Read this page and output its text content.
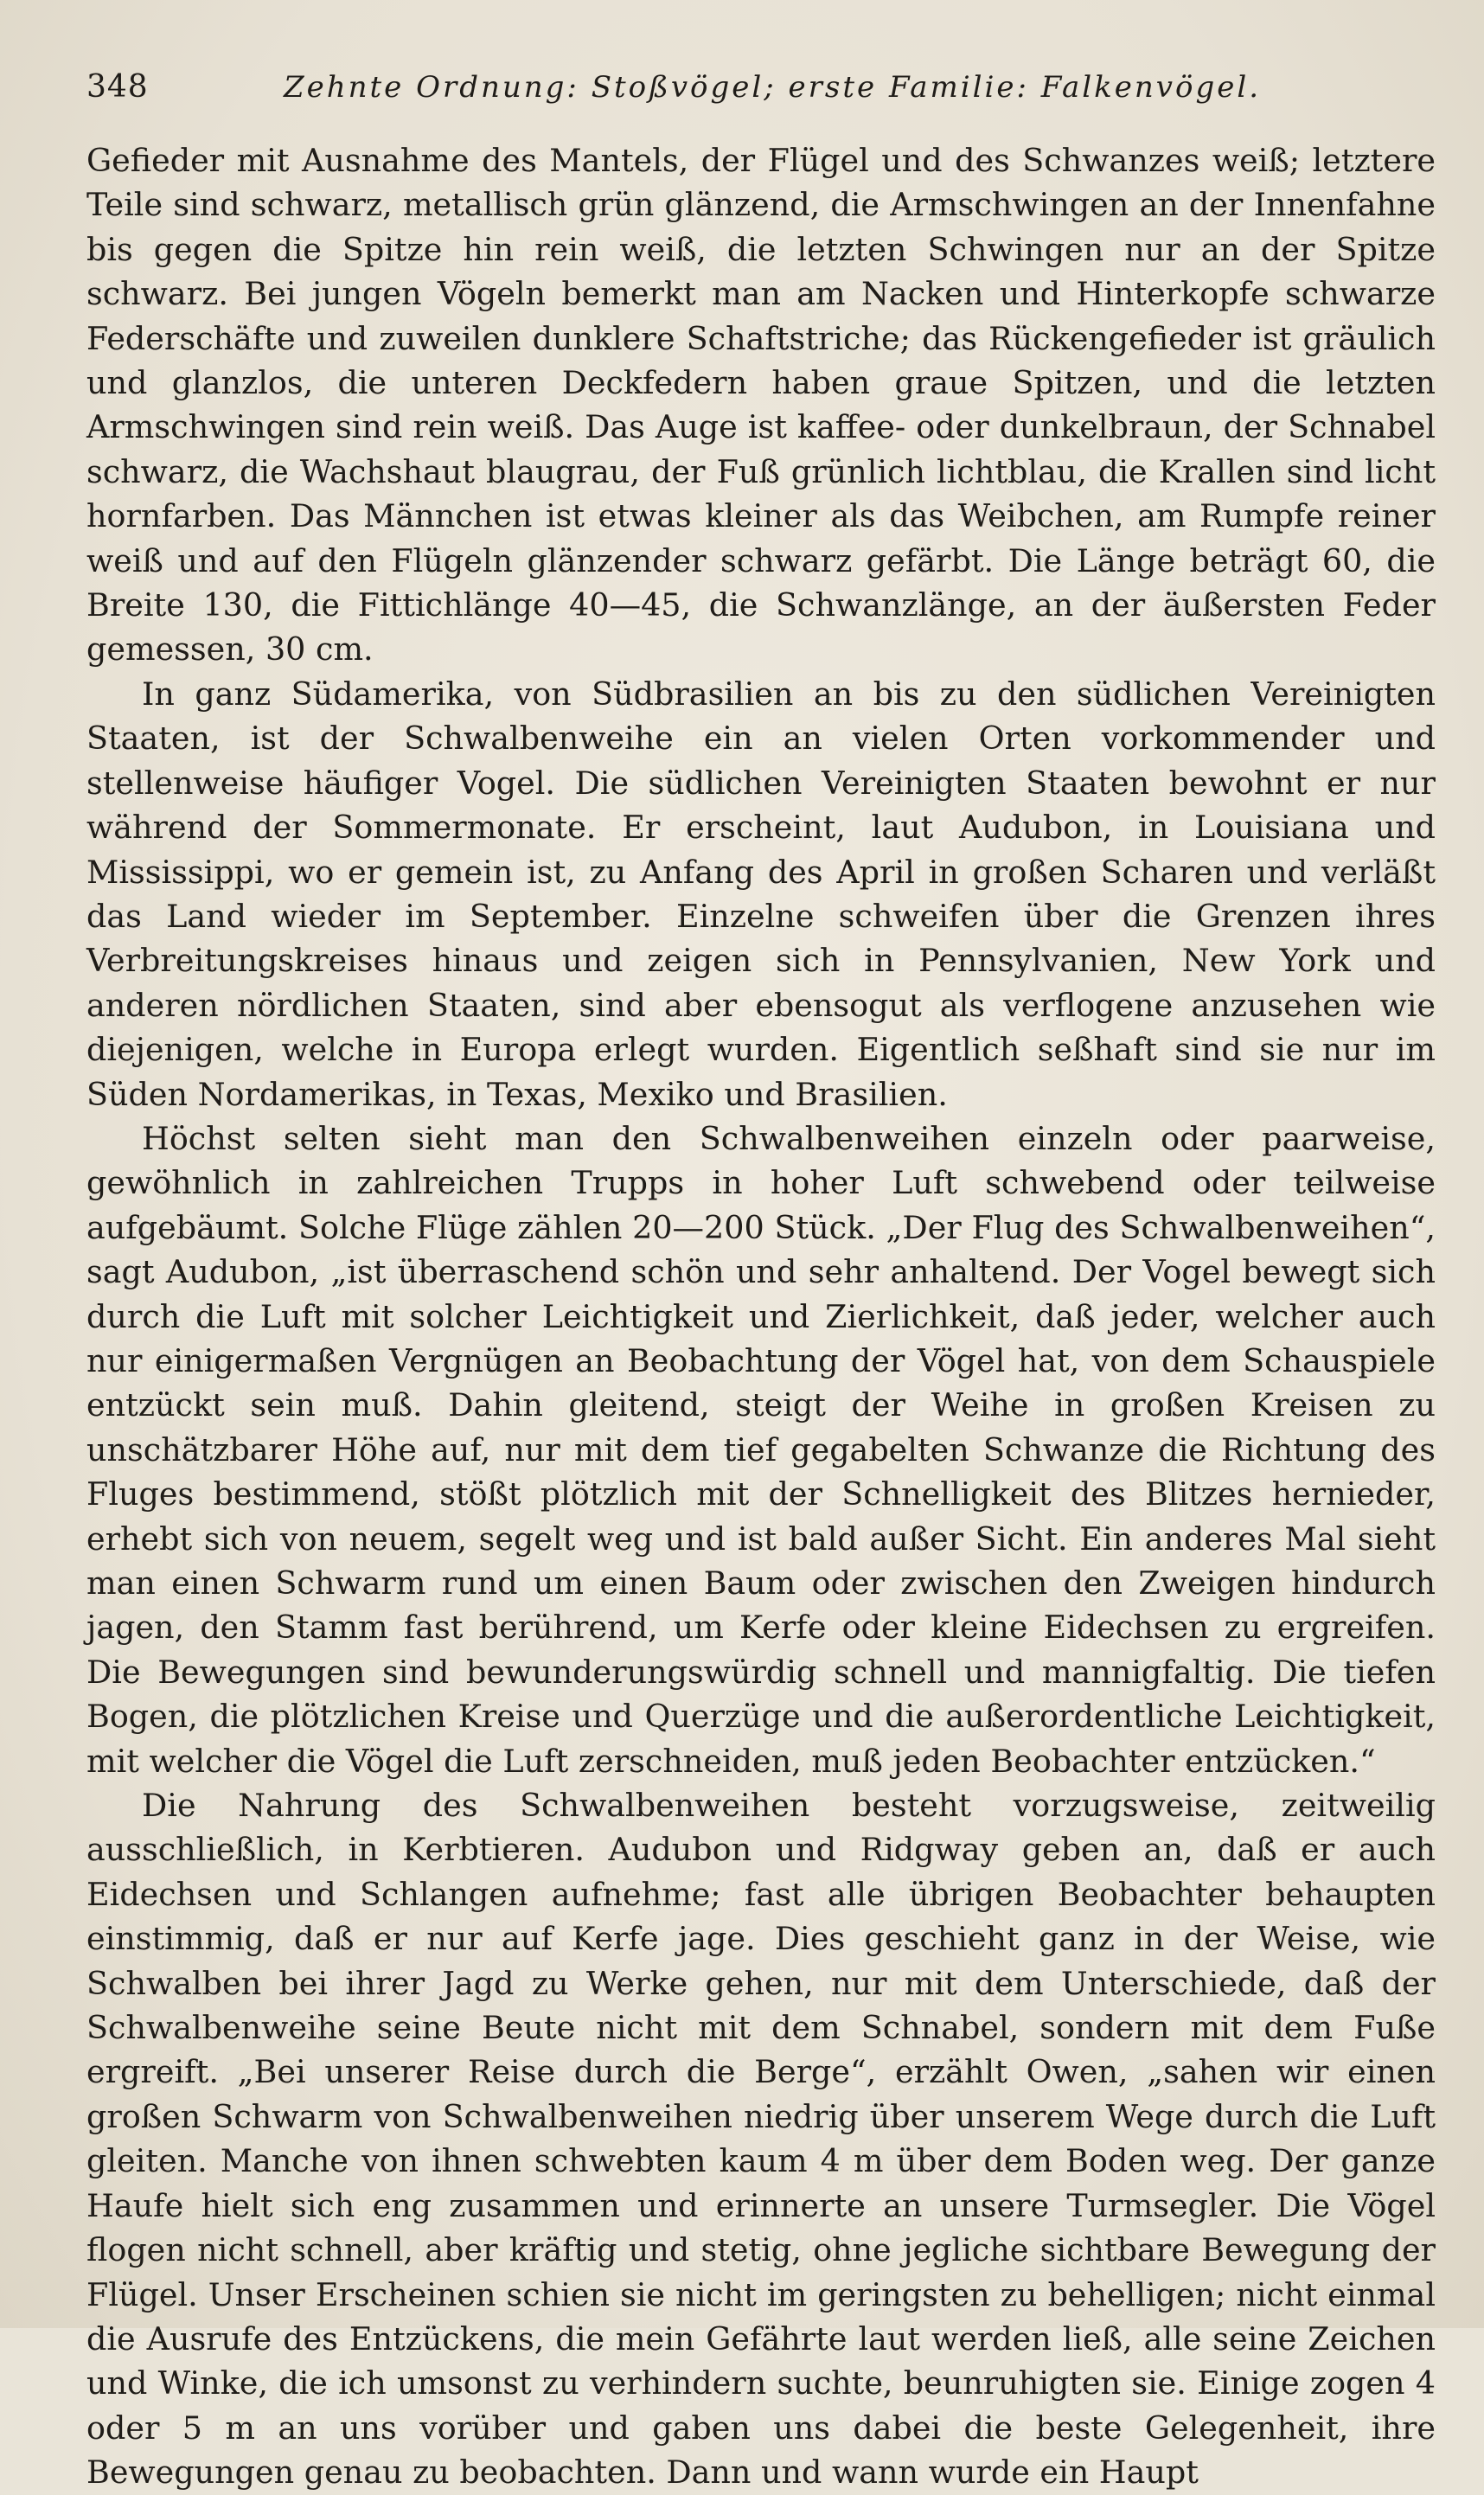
348	Zehnte Ordnung: Stoßvögel; erste Familie: Falkenvögel.

Gefieder mit Ausnahme des Mantels, der Flügel und des Schwanzes weiß; letztere Teile sind schwarz, metallisch grün glänzend, die Armschwingen an der Innenfahne bis gegen die Spitze hin rein weiß, die letzten Schwingen nur an der Spitze schwarz. Bei jungen Vögeln bemerkt man am Nacken und Hinterkopfe schwarze Federschäfte und zuweilen dunklere Schaftstriche; das Rückengefieder ist gräulich und glanzlos, die unteren Deckfedern haben graue Spitzen, und die letzten Armschwingen sind rein weiß. Das Auge ist kaffee- oder dunkelbraun, der Schnabel schwarz, die Wachshaut blaugrau, der Fuß grünlich lichtblau, die Krallen sind licht hornfarben. Das Männchen ist etwas kleiner als das Weibchen, am Rumpfe reiner weiß und auf den Flügeln glänzender schwarz gefärbt. Die Länge beträgt 60, die Breite 130, die Fittichlänge 40—45, die Schwanzlänge, an der äußersten Feder gemessen, 30 cm.

In ganz Südamerika, von Südbrasilien an bis zu den südlichen Vereinigten Staaten, ist der Schwalbenweihe ein an vielen Orten vorkommender und stellenweise häufiger Vogel. Die südlichen Vereinigten Staaten bewohnt er nur während der Sommermonate. Er erscheint, laut Audubon, in Louisiana und Mississippi, wo er gemein ist, zu Anfang des April in großen Scharen und verläßt das Land wieder im September. Einzelne schweifen über die Grenzen ihres Verbreitungskreises hinaus und zeigen sich in Pennsylvanien, New York und anderen nördlichen Staaten, sind aber ebensogut als verflogene anzusehen wie diejenigen, welche in Europa erlegt wurden. Eigentlich seßhaft sind sie nur im Süden Nordamerikas, in Texas, Mexiko und Brasilien.

Höchst selten sieht man den Schwalbenweihen einzeln oder paarweise, gewöhnlich in zahlreichen Trupps in hoher Luft schwebend oder teilweise aufgebäumt. Solche Flüge zählen 20—200 Stück. „Der Flug des Schwalbenweihen“, sagt Audubon, „ist überraschend schön und sehr anhaltend. Der Vogel bewegt sich durch die Luft mit solcher Leichtigkeit und Zierlichkeit, daß jeder, welcher auch nur einigermaßen Vergnügen an Beobachtung der Vögel hat, von dem Schauspiele entzückt sein muß. Dahin gleitend, steigt der Weihe in großen Kreisen zu unschätzbarer Höhe auf, nur mit dem tief gegabelten Schwanze die Richtung des Fluges bestimmend, stößt plötzlich mit der Schnelligkeit des Blitzes hernieder, erhebt sich von neuem, segelt weg und ist bald außer Sicht. Ein anderes Mal sieht man einen Schwarm rund um einen Baum oder zwischen den Zweigen hindurch jagen, den Stamm fast berührend, um Kerfe oder kleine Eidechsen zu ergreifen. Die Bewegungen sind bewunderungswürdig schnell und mannigfaltig. Die tiefen Bogen, die plötzlichen Kreise und Querzüge und die außerordentliche Leichtigkeit, mit welcher die Vögel die Luft zerschneiden, muß jeden Beobachter entzücken.“

Die Nahrung des Schwalbenweihen besteht vorzugsweise, zeitweilig ausschließlich, in Kerbtieren. Audubon und Ridgway geben an, daß er auch Eidechsen und Schlangen aufnehme; fast alle übrigen Beobachter behaupten einstimmig, daß er nur auf Kerfe jage. Dies geschieht ganz in der Weise, wie Schwalben bei ihrer Jagd zu Werke gehen, nur mit dem Unterschiede, daß der Schwalbenweihe seine Beute nicht mit dem Schnabel, sondern mit dem Fuße ergreift. „Bei unserer Reise durch die Berge“, erzählt Owen, „sahen wir einen großen Schwarm von Schwalbenweihen niedrig über unserem Wege durch die Luft gleiten. Manche von ihnen schwebten kaum 4 m über dem Boden weg. Der ganze Haufe hielt sich eng zusammen und erinnerte an unsere Turmsegler. Die Vögel flogen nicht schnell, aber kräftig und stetig, ohne jegliche sichtbare Bewegung der Flügel. Unser Erscheinen schien sie nicht im geringsten zu behelligen; nicht einmal die Ausrufe des Entzückens, die mein Gefährte laut werden ließ, alle seine Zeichen und Winke, die ich umsonst zu verhindern suchte, beunruhigten sie. Einige zogen 4 oder 5 m an uns vorüber und gaben uns dabei die beste Gelegenheit, ihre Bewegungen genau zu beobachten. Dann und wann wurde ein Haupt
